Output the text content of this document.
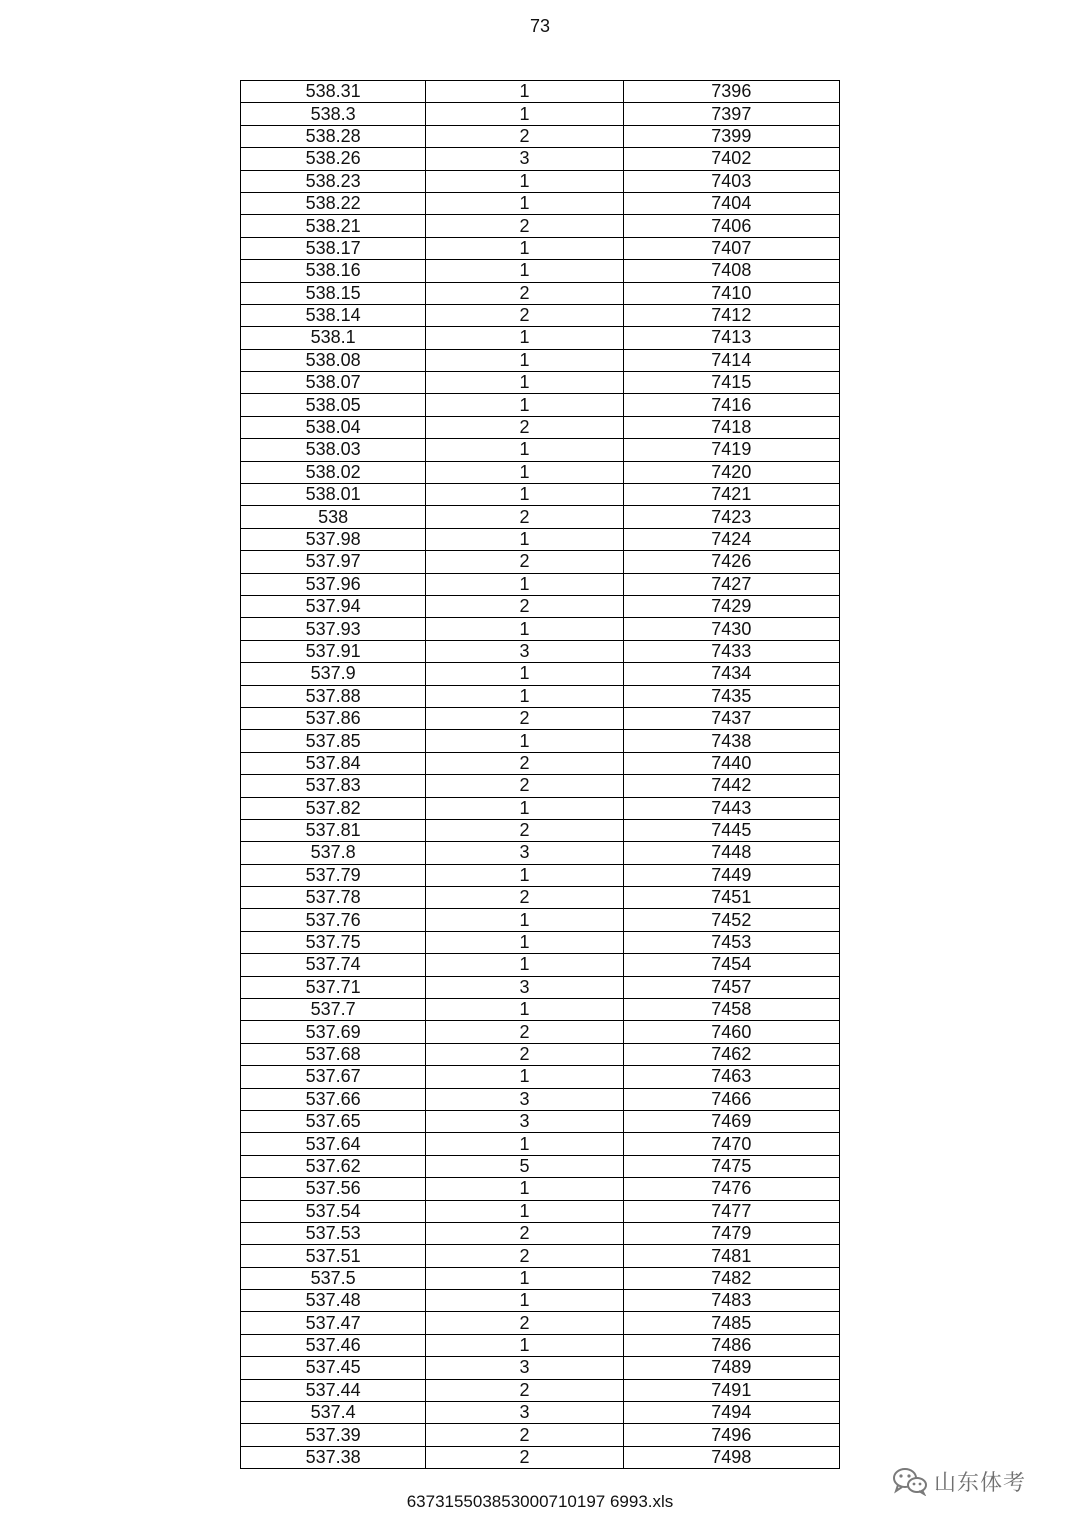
73
538.31	1	7396
538.3	1	7397
538.28	2	7399
538.26	3	7402
538.23	1	7403
538.22	1	7404
538.21	2	7406
538.17	1	7407
538.16	1	7408
538.15	2	7410
538.14	2	7412
538.1	1	7413
538.08	1	7414
538.07	1	7415
538.05	1	7416
538.04	2	7418
538.03	1	7419
538.02	1	7420
538.01	1	7421
538	2	7423
537.98	1	7424
537.97	2	7426
537.96	1	7427
537.94	2	7429
537.93	1	7430
537.91	3	7433
537.9	1	7434
537.88	1	7435
537.86	2	7437
537.85	1	7438
537.84	2	7440
537.83	2	7442
537.82	1	7443
537.81	2	7445
537.8	3	7448
537.79	1	7449
537.78	2	7451
537.76	1	7452
537.75	1	7453
537.74	1	7454
537.71	3	7457
537.7	1	7458
537.69	2	7460
537.68	2	7462
537.67	1	7463
537.66	3	7466
537.65	3	7469
537.64	1	7470
537.62	5	7475
537.56	1	7476
537.54	1	7477
537.53	2	7479
537.51	2	7481
537.5	1	7482
537.48	1	7483
537.47	2	7485
537.46	1	7486
537.45	3	7489
537.44	2	7491
537.4	3	7494
537.39	2	7496
537.38	2	7498
637315503853000710197 6993.xls
山东体考
